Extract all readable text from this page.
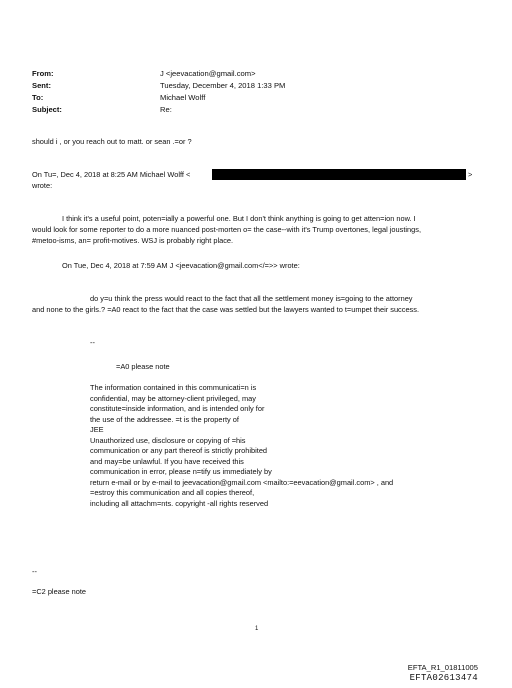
From:	J <jeevacation@gmail.com>
Sent:	Tuesday, December 4, 2018 1:33 PM
To:	Michael Wolff
Subject:	Re:
should i , or you reach out to matt. or sean .=or ?
On Tu=, Dec 4, 2018 at 8:25 AM Michael Wolff <	>
wrote:
I think it's a useful point, poten=ially a powerful one. But I don't think anything is going to get atten=ion now. I
would look for some reporter to do a more nuanced post-morten o= the case--with it's Trump overtones, legal joustings,
#metoo-isms, an= profit-motives. WSJ is probably right place.
On Tue, Dec 4, 2018 at 7:59 AM J <jeevacation@gmail.com</=>> wrote:
do y=u think the press would react to the fact that all the settlement money is=going to the attorney
and none to the girls.? =A0 react to the fact that the case was settled but the lawyers wanted to t=umpet their success.
--
=A0 please note
The information contained in this communicati=n is
confidential, may be attorney-client privileged, may
constitute=inside information, and is intended only for
the use of the addressee. =t is the property of
JEE
Unauthorized use, disclosure or copying of =his
communication or any part thereof is strictly prohibited
and may=be unlawful. If you have received this
communication in error, please n=tify us immediately by
return e-mail or by e-mail to jeevacation@gmail.com <mailto:=eevacation@gmail.com> , and
=estroy this communication and all copies thereof,
including all attachm=nts. copyright -all rights reserved
--
=C2 please note
1
EFTA_R1_01811005
EFTA02613474
